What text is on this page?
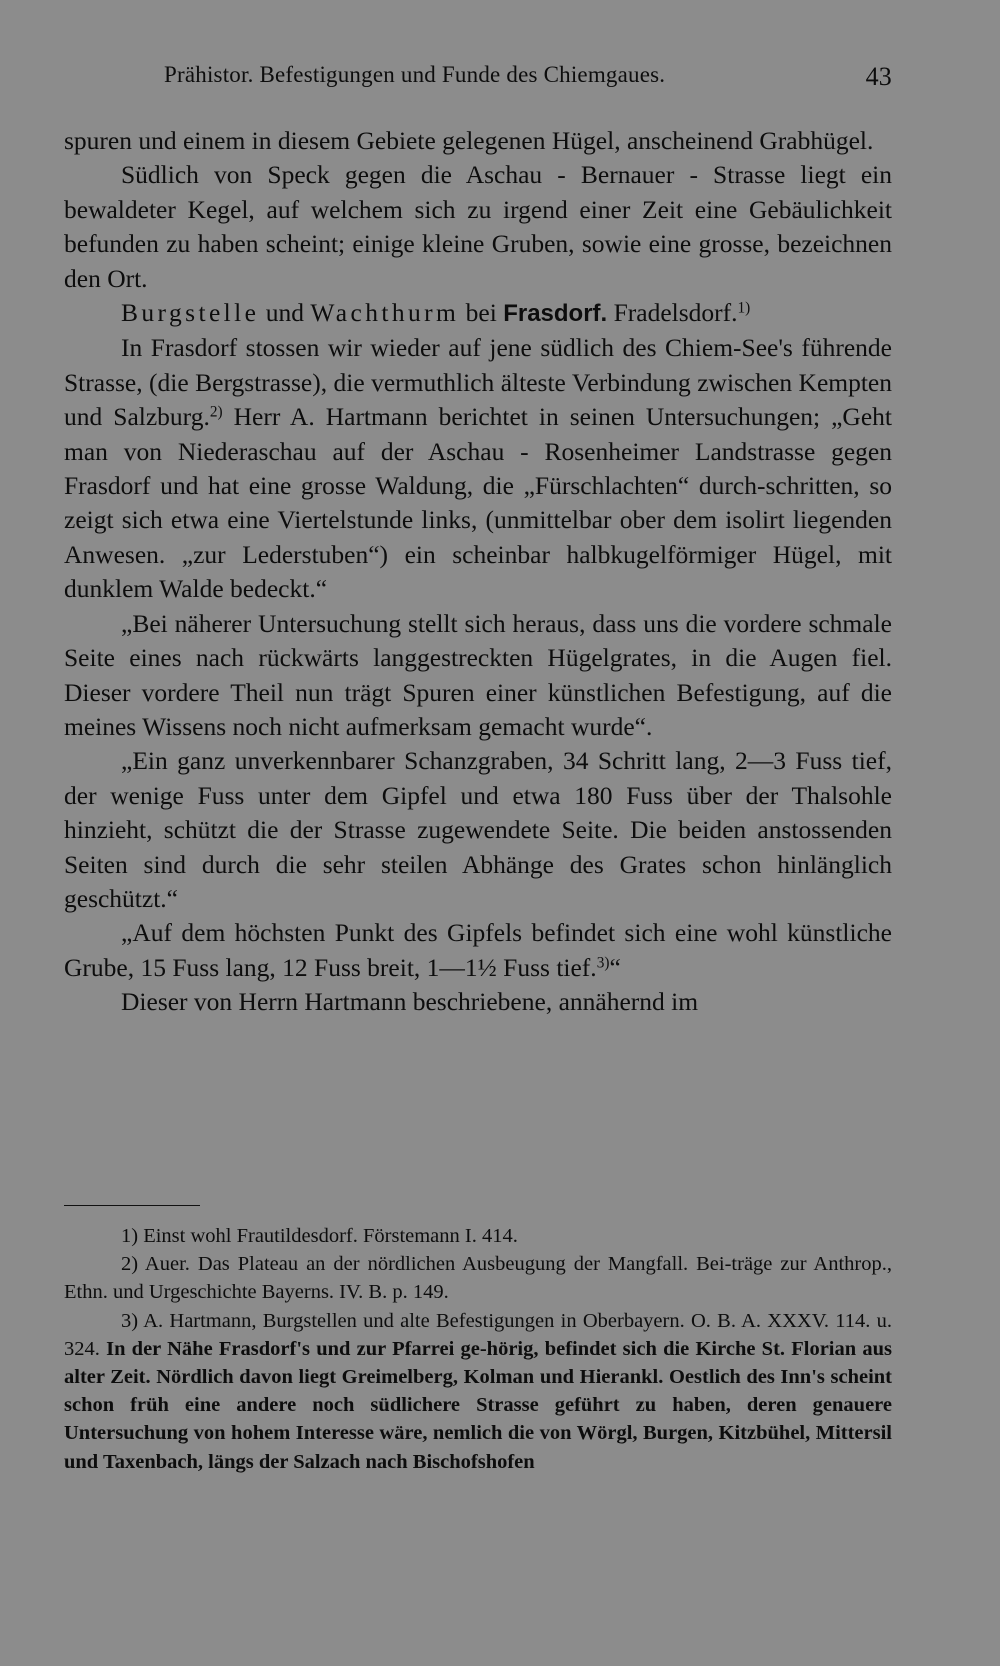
Prähistor. Befestigungen und Funde des Chiemgaues.	43

spuren und einem in diesem Gebiete gelegenen Hügel, anscheinend Grabhügel.

Südlich von Speck gegen die Aschau - Bernauer - Strasse liegt ein bewaldeter Kegel, auf welchem sich zu irgend einer Zeit eine Gebäulichkeit befunden zu haben scheint; einige kleine Gruben, sowie eine grosse, bezeichnen den Ort.

Burgstelle und Wachthurm bei Frasdorf. Fradelsdorf.$^{1)}$

In Frasdorf stossen wir wieder auf jene südlich des Chiem-See's führende Strasse, (die Bergstrasse), die vermuthlich älteste Verbindung zwischen Kempten und Salzburg.$^{2)}$ Herr A. Hartmann berichtet in seinen Untersuchungen; „Geht man von Niederaschau auf der Aschau - Rosenheimer Landstrasse gegen Frasdorf und hat eine grosse Waldung, die „Fürschlachten“ durch-schritten, so zeigt sich etwa eine Viertelstunde links, (unmittelbar ober dem isolirt liegenden Anwesen. „zur Lederstuben“) ein scheinbar halbkugelförmiger Hügel, mit dunklem Walde bedeckt.“

„Bei näherer Untersuchung stellt sich heraus, dass uns die vordere schmale Seite eines nach rückwärts langgestreckten Hügelgrates, in die Augen fiel. Dieser vordere Theil nun trägt Spuren einer künstlichen Befestigung, auf die meines Wissens noch nicht aufmerksam gemacht wurde“.

„Ein ganz unverkennbarer Schanzgraben, 34 Schritt lang, 2—3 Fuss tief, der wenige Fuss unter dem Gipfel und etwa 180 Fuss über der Thalsohle hinzieht, schützt die der Strasse zugewendete Seite. Die beiden anstossenden Seiten sind durch die sehr steilen Abhänge des Grates schon hinlänglich geschützt.“

„Auf dem höchsten Punkt des Gipfels befindet sich eine wohl künstliche Grube, 15 Fuss lang, 12 Fuss breit, 1—1½ Fuss tief.$^{3)}$“

Dieser von Herrn Hartmann beschriebene, annähernd im

1) Einst wohl Frautildesdorf. Förstemann I. 414.

2) Auer. Das Plateau an der nördlichen Ausbeugung der Mangfall. Bei-träge zur Anthrop., Ethn. und Urgeschichte Bayerns. IV. B. p. 149.

3) A. Hartmann, Burgstellen und alte Befestigungen in Oberbayern. O. B. A. XXXV. 114. u. 324. In der Nähe Frasdorf's und zur Pfarrei ge-hörig, befindet sich die Kirche St. Florian aus alter Zeit. Nördlich davon liegt Greimelberg, Kolman und Hierankl. Oestlich des Inn's scheint schon früh eine andere noch südlichere Strasse geführt zu haben, deren genauere Untersuchung von hohem Interesse wäre, nemlich die von Wörgl, Burgen, Kitzbühel, Mittersil und Taxenbach, längs der Salzach nach Bischofshofen
